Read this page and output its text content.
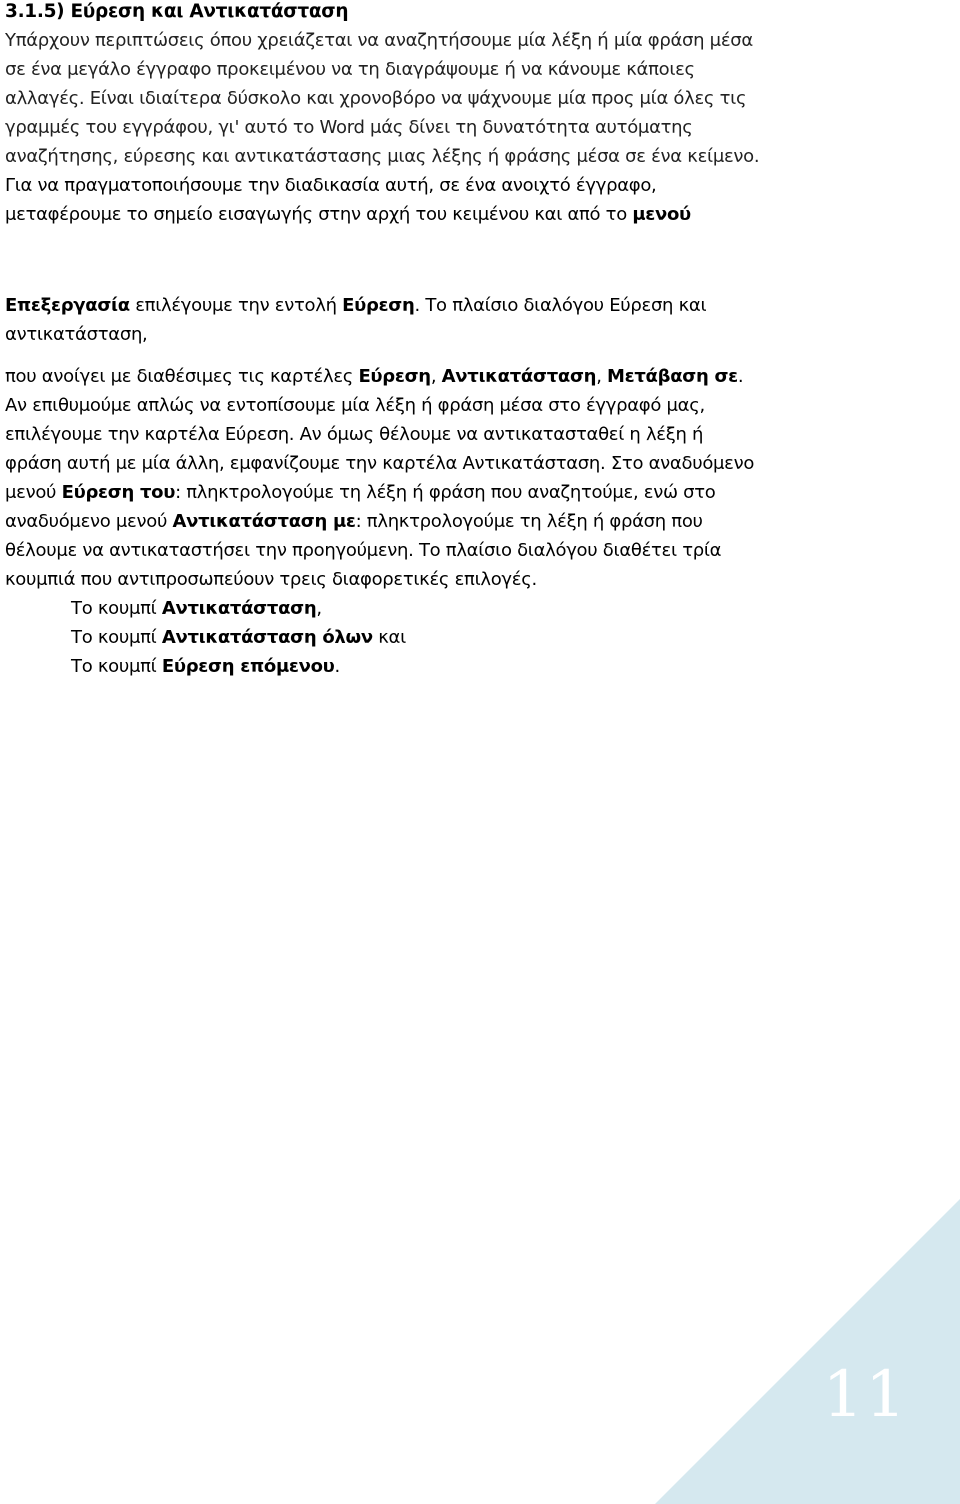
3.1.5) Εύρεση και Αντικατάσταση
Υπάρχουν περιπτώσεις όπου χρειάζεται να αναζητήσουμε μία λέξη ή μία φράση μέσα
σε ένα μεγάλο έγγραφο προκειμένου να τη διαγράψουμε ή να κάνουμε κάποιες
αλλαγές. Είναι ιδιαίτερα δύσκολο και χρονοβόρο να ψάχνουμε μία προς μία όλες τις
γραμμές του εγγράφου, γι' αυτό το Word μάς δίνει τη δυνατότητα αυτόματης
αναζήτησης, εύρεσης και αντικατάστασης μιας λέξης ή φράσης μέσα σε ένα κείμενο.
Για να πραγματοποιήσουμε την διαδικασία αυτή, σε ένα ανοιχτό έγγραφο,
μεταφέρουμε το σημείο εισαγωγής στην αρχή του κειμένου και από το μενού
Επεξεργασία επιλέγουμε την εντολή Εύρεση. Το πλαίσιο διαλόγου Εύρεση και
αντικατάσταση,
που ανοίγει με διαθέσιμες τις καρτέλες Εύρεση, Αντικατάσταση, Μετάβαση σε.
Αν επιθυμούμε απλώς να εντοπίσουμε μία λέξη ή φράση μέσα στο έγγραφό μας,
επιλέγουμε την καρτέλα Εύρεση. Αν όμως θέλουμε να αντικατασταθεί η λέξη ή
φράση αυτή με μία άλλη, εμφανίζουμε την καρτέλα Αντικατάσταση. Στο αναδυόμενο
μενού Εύρεση του: πληκτρολογούμε τη λέξη ή φράση που αναζητούμε, ενώ στο
αναδυόμενο μενού Αντικατάσταση με: πληκτρολογούμε τη λέξη ή φράση που
θέλουμε να αντικαταστήσει την προηγούμενη. Το πλαίσιο διαλόγου διαθέτει τρία
κουμπιά που αντιπροσωπεύουν τρεις διαφορετικές επιλογές.
Το κουμπί Αντικατάσταση,
Το κουμπί Αντικατάσταση όλων και
Το κουμπί Εύρεση επόμενου.
11
